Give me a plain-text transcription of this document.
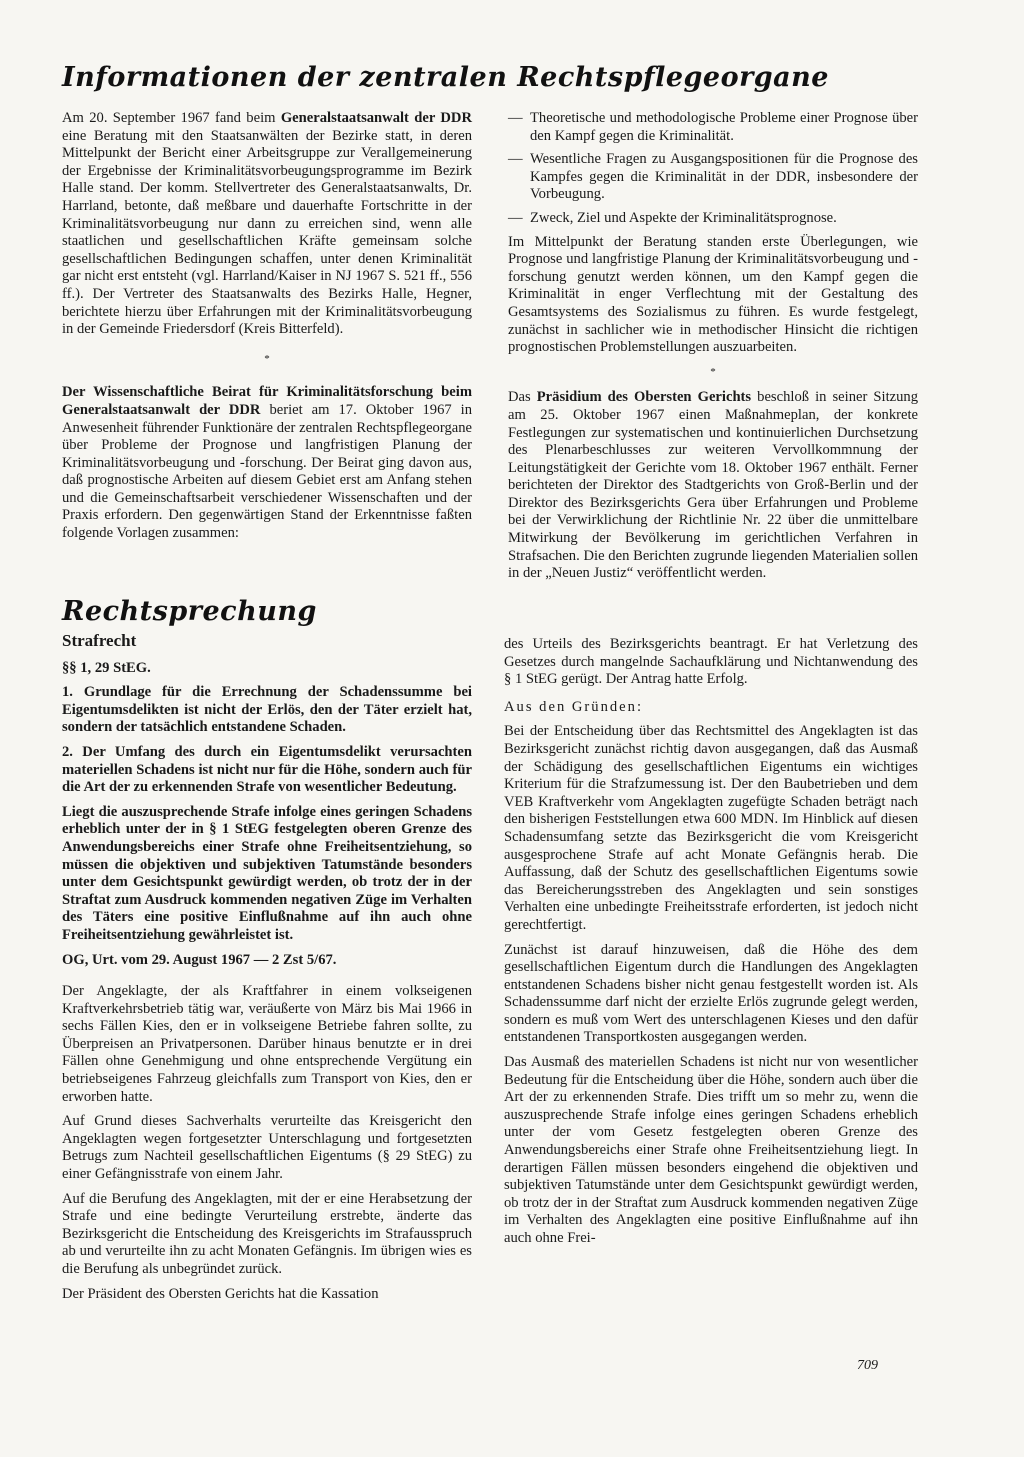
Informationen der zentralen Rechtspflegeorgane

Am 20. September 1967 fand beim Generalstaatsanwalt der DDR eine Beratung mit den Staatsanwälten der Bezirke statt, in deren Mittelpunkt der Bericht einer Arbeitsgruppe zur Verallgemeinerung der Ergebnisse der Kriminalitätsvorbeugungsprogramme im Bezirk Halle stand. Der komm. Stellvertreter des Generalstaatsanwalts, Dr. Harrland, betonte, daß meßbare und dauerhafte Fortschritte in der Kriminalitätsvorbeugung nur dann zu erreichen sind, wenn alle staatlichen und gesellschaftlichen Kräfte gemeinsam solche gesellschaftlichen Bedingungen schaffen, unter denen Kriminalität gar nicht erst entsteht (vgl. Harrland/Kaiser in NJ 1967 S. 521 ff., 556 ff.). Der Vertreter des Staatsanwalts des Bezirks Halle, Hegner, berichtete hierzu über Erfahrungen mit der Kriminalitätsvorbeugung in der Gemeinde Friedersdorf (Kreis Bitterfeld).

*

Der Wissenschaftliche Beirat für Kriminalitätsforschung beim Generalstaatsanwalt der DDR beriet am 17. Oktober 1967 in Anwesenheit führender Funktionäre der zentralen Rechtspflegeorgane über Probleme der Prognose und langfristigen Planung der Kriminalitätsvorbeugung und -forschung. Der Beirat ging davon aus, daß prognostische Arbeiten auf diesem Gebiet erst am Anfang stehen und die Gemeinschaftsarbeit verschiedener Wissenschaften und der Praxis erfordern. Den gegenwärtigen Stand der Erkenntnisse faßten folgende Vorlagen zusammen:

— Theoretische und methodologische Probleme einer Prognose über den Kampf gegen die Kriminalität.
— Wesentliche Fragen zu Ausgangspositionen für die Prognose des Kampfes gegen die Kriminalität in der DDR, insbesondere der Vorbeugung.
— Zweck, Ziel und Aspekte der Kriminalitätsprognose.

Im Mittelpunkt der Beratung standen erste Überlegungen, wie Prognose und langfristige Planung der Kriminalitätsvorbeugung und -forschung genutzt werden können, um den Kampf gegen die Kriminalität in enger Verflechtung mit der Gestaltung des Gesamtsystems des Sozialismus zu führen. Es wurde festgelegt, zunächst in sachlicher wie in methodischer Hinsicht die richtigen prognostischen Problemstellungen auszuarbeiten.

*

Das Präsidium des Obersten Gerichts beschloß in seiner Sitzung am 25. Oktober 1967 einen Maßnahmeplan, der konkrete Festlegungen zur systematischen und kontinuierlichen Durchsetzung des Plenarbeschlusses zur weiteren Vervollkommnung der Leitungstätigkeit der Gerichte vom 18. Oktober 1967 enthält. Ferner berichteten der Direktor des Stadtgerichts von Groß-Berlin und der Direktor des Bezirksgerichts Gera über Erfahrungen und Probleme bei der Verwirklichung der Richtlinie Nr. 22 über die unmittelbare Mitwirkung der Bevölkerung im gerichtlichen Verfahren in Strafsachen. Die den Berichten zugrunde liegenden Materialien sollen in der „Neuen Justiz“ veröffentlicht werden.

Rechtsprechung
Strafrecht

§§ 1, 29 StEG.

1. Grundlage für die Errechnung der Schadenssumme bei Eigentumsdelikten ist nicht der Erlös, den der Täter erzielt hat, sondern der tatsächlich entstandene Schaden.

2. Der Umfang des durch ein Eigentumsdelikt verursachten materiellen Schadens ist nicht nur für die Höhe, sondern auch für die Art der zu erkennenden Strafe von wesentlicher Bedeutung.

Liegt die auszusprechende Strafe infolge eines geringen Schadens erheblich unter der in § 1 StEG festgelegten oberen Grenze des Anwendungsbereichs einer Strafe ohne Freiheitsentziehung, so müssen die objektiven und subjektiven Tatumstände besonders unter dem Gesichtspunkt gewürdigt werden, ob trotz der in der Straftat zum Ausdruck kommenden negativen Züge im Verhalten des Täters eine positive Einflußnahme auf ihn auch ohne Freiheitsentziehung gewährleistet ist.

OG, Urt. vom 29. August 1967 — 2 Zst 5/67.

Der Angeklagte, der als Kraftfahrer in einem volkseigenen Kraftverkehrsbetrieb tätig war, veräußerte von März bis Mai 1966 in sechs Fällen Kies, den er in volkseigene Betriebe fahren sollte, zu Überpreisen an Privatpersonen. Darüber hinaus benutzte er in drei Fällen ohne Genehmigung und ohne entsprechende Vergütung ein betriebseigenes Fahrzeug gleichfalls zum Transport von Kies, den er erworben hatte.

Auf Grund dieses Sachverhalts verurteilte das Kreisgericht den Angeklagten wegen fortgesetzter Unterschlagung und fortgesetzten Betrugs zum Nachteil gesellschaftlichen Eigentums (§ 29 StEG) zu einer Gefängnisstrafe von einem Jahr.

Auf die Berufung des Angeklagten, mit der er eine Herabsetzung der Strafe und eine bedingte Verurteilung erstrebte, änderte das Bezirksgericht die Entscheidung des Kreisgerichts im Strafausspruch ab und verurteilte ihn zu acht Monaten Gefängnis. Im übrigen wies es die Berufung als unbegründet zurück.

Der Präsident des Obersten Gerichts hat die Kassation

des Urteils des Bezirksgerichts beantragt. Er hat Verletzung des Gesetzes durch mangelnde Sachaufklärung und Nichtanwendung des § 1 StEG gerügt. Der Antrag hatte Erfolg.

Aus den Gründen:

Bei der Entscheidung über das Rechtsmittel des Angeklagten ist das Bezirksgericht zunächst richtig davon ausgegangen, daß das Ausmaß der Schädigung des gesellschaftlichen Eigentums ein wichtiges Kriterium für die Strafzumessung ist. Der den Baubetrieben und dem VEB Kraftverkehr vom Angeklagten zugefügte Schaden beträgt nach den bisherigen Feststellungen etwa 600 MDN. Im Hinblick auf diesen Schadensumfang setzte das Bezirksgericht die vom Kreisgericht ausgesprochene Strafe auf acht Monate Gefängnis herab. Die Auffassung, daß der Schutz des gesellschaftlichen Eigentums sowie das Bereicherungsstreben des Angeklagten und sein sonstiges Verhalten eine unbedingte Freiheitsstrafe erforderten, ist jedoch nicht gerechtfertigt.

Zunächst ist darauf hinzuweisen, daß die Höhe des dem gesellschaftlichen Eigentum durch die Handlungen des Angeklagten entstandenen Schadens bisher nicht genau festgestellt worden ist. Als Schadenssumme darf nicht der erzielte Erlös zugrunde gelegt werden, sondern es muß vom Wert des unterschlagenen Kieses und den dafür entstandenen Transportkosten ausgegangen werden.

Das Ausmaß des materiellen Schadens ist nicht nur von wesentlicher Bedeutung für die Entscheidung über die Höhe, sondern auch über die Art der zu erkennenden Strafe. Dies trifft um so mehr zu, wenn die auszusprechende Strafe infolge eines geringen Schadens erheblich unter der vom Gesetz festgelegten oberen Grenze des Anwendungsbereichs einer Strafe ohne Freiheitsentziehung liegt. In derartigen Fällen müssen besonders eingehend die objektiven und subjektiven Tatumstände unter dem Gesichtspunkt gewürdigt werden, ob trotz der in der Straftat zum Ausdruck kommenden negativen Züge im Verhalten des Angeklagten eine positive Einflußnahme auf ihn auch ohne Frei-

709
